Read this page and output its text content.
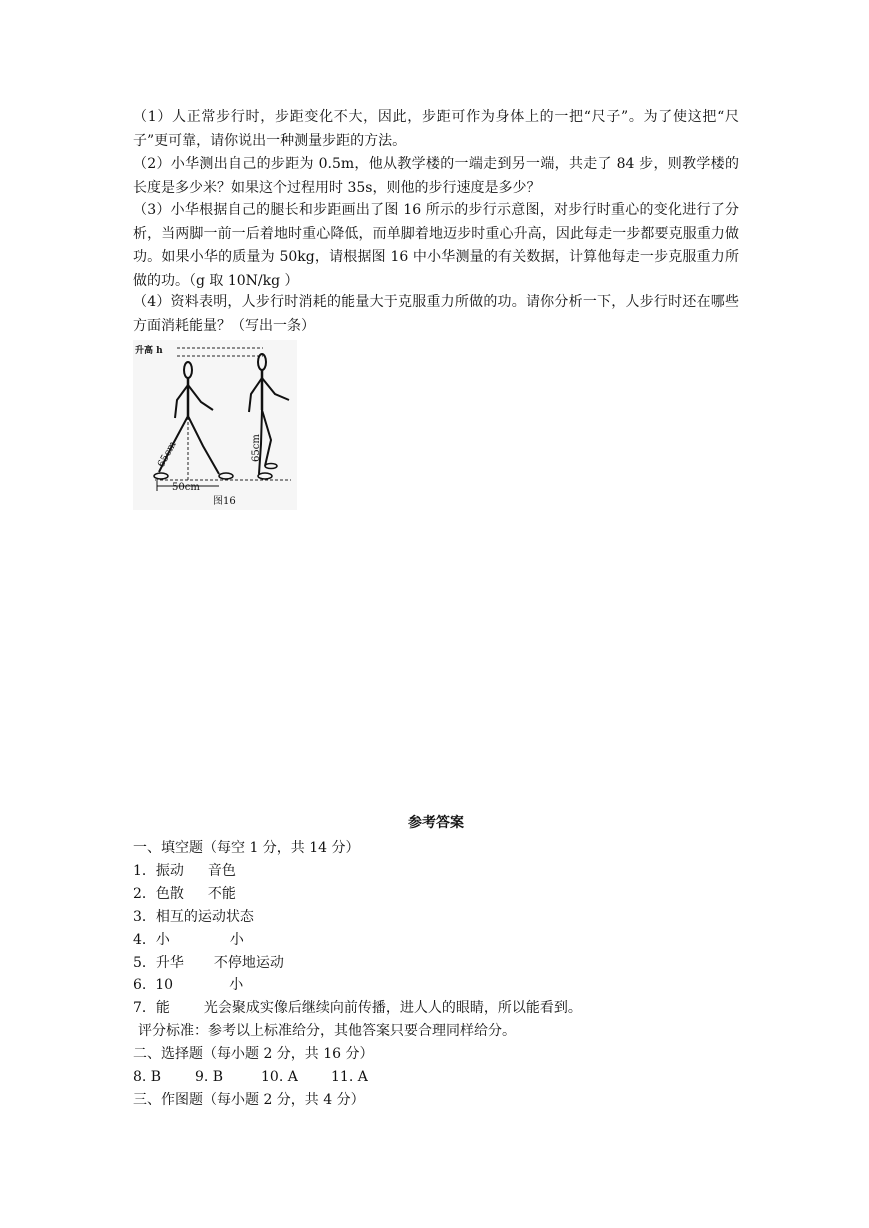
（1）人正常步行时，步距变化不大，因此，步距可作为身体上的一把“尺子”。为了使这把“尺子”更可靠，请你说出一种测量步距的方法。

（2）小华测出自己的步距为 0.5m，他从教学楼的一端走到另一端，共走了 84 步，则教学楼的长度是多少米？如果这个过程用时 35s，则他的步行速度是多少？

（3）小华根据自己的腿长和步距画出了图 16 所示的步行示意图，对步行时重心的变化进行了分析，当两脚一前一后着地时重心降低，而单脚着地迈步时重心升高，因此每走一步都要克服重力做功。如果小华的质量为 50kg，请根据图 16 中小华测量的有关数据，计算他每走一步克服重力所做的功。（g 取 10N/kg ）

（4）资料表明，人步行时消耗的能量大于克服重力所做的功。请你分析一下，人步行时还在哪些方面消耗能量？（写出一条）

升高 h
65cm
50cm
65cm
图16

参考答案

一、填空题（每空 1 分，共 14 分）

1．振动 音色

2．色散 不能

3．相互的运动状态

4．小	小

5．升华 不停地运动

6.  10	小

7．能 光会聚成实像后继续向前传播，进人人的眼睛，所以能看到。

评分标准：参考以上标准给分，其他答案只要合理同样给分。

二、选择题（每小题 2 分，共 16 分）

8. B 9. B	10. A 11. A

三、作图题（每小题 2 分，共 4 分）
